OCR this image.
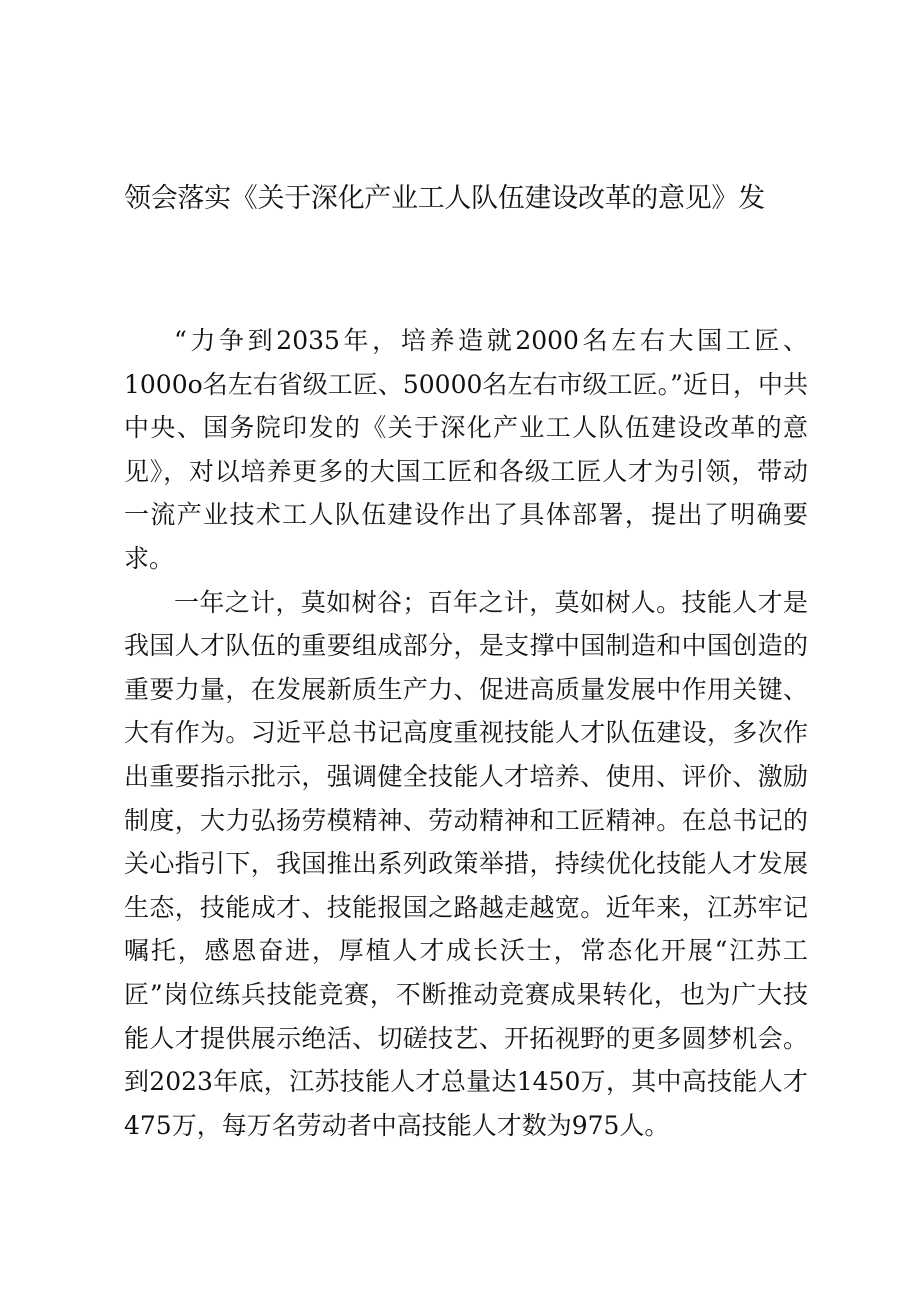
领会落实《关于深化产业工人队伍建设改革的意见》发

“力争到2035年，培养造就2000名左右大国工匠、1000o名左右省级工匠、50000名左右市级工匠。”近日，中共中央、国务院印发的《关于深化产业工人队伍建设改革的意见》，对以培养更多的大国工匠和各级工匠人才为引领，带动一流产业技术工人队伍建设作出了具体部署，提出了明确要求。

一年之计，莫如树谷；百年之计，莫如树人。技能人才是我国人才队伍的重要组成部分，是支撑中国制造和中国创造的重要力量，在发展新质生产力、促进高质量发展中作用关键、大有作为。习近平总书记高度重视技能人才队伍建设，多次作出重要指示批示，强调健全技能人才培养、使用、评价、激励制度，大力弘扬劳模精神、劳动精神和工匠精神。在总书记的关心指引下，我国推出系列政策举措，持续优化技能人才发展生态，技能成才、技能报国之路越走越宽。近年来，江苏牢记嘱托，感恩奋进，厚植人才成长沃士，常态化开展“江苏工匠”岗位练兵技能竞赛，不断推动竞赛成果转化，也为广大技能人才提供展示绝活、切磋技艺、开拓视野的更多圆梦机会。到2023年底，江苏技能人才总量达1450万，其中高技能人才475万，每万名劳动者中高技能人才数为975人。
